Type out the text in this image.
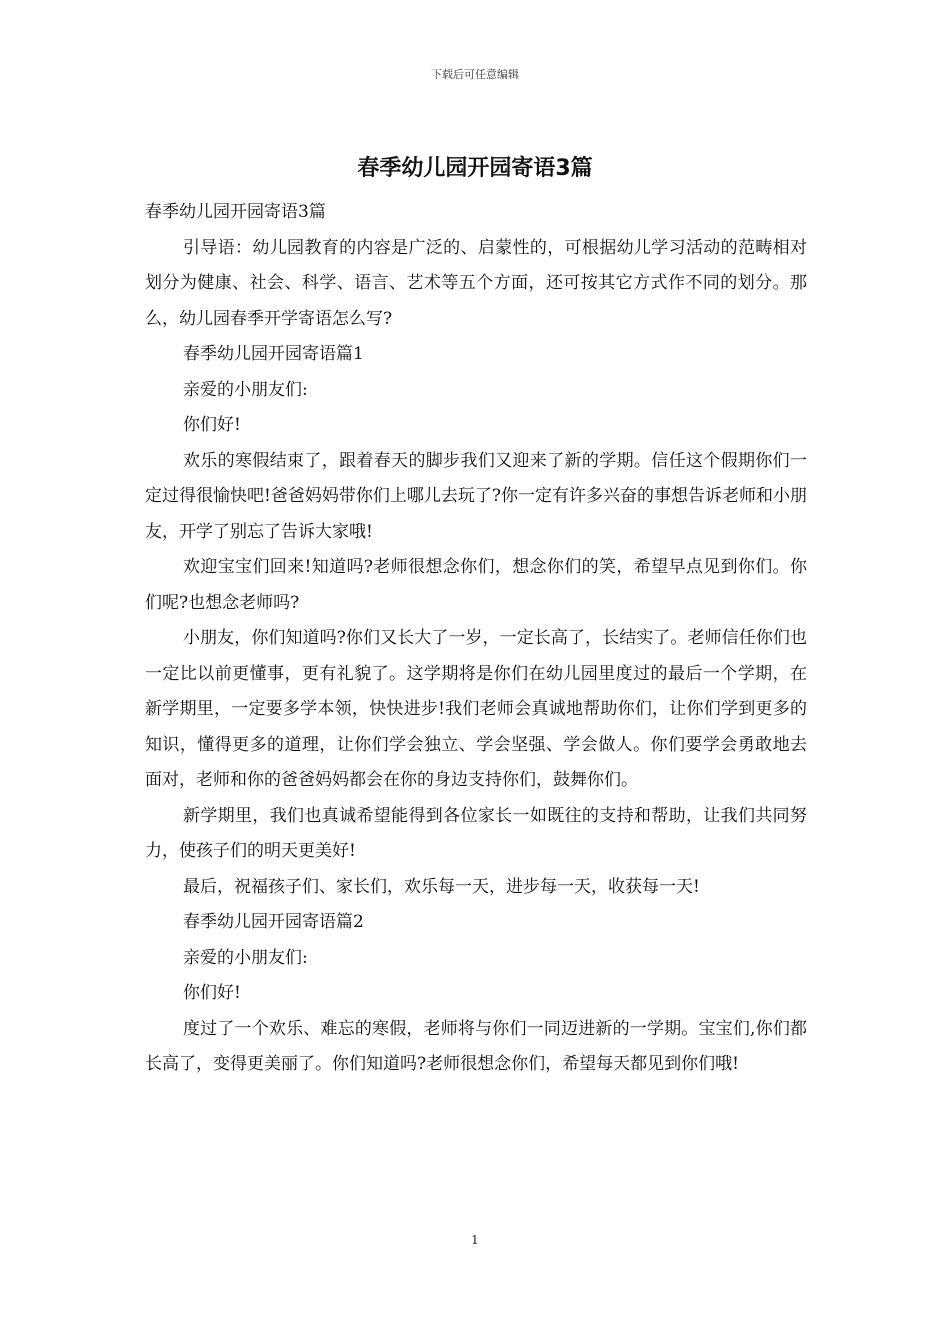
下载后可任意编辑
春季幼儿园开园寄语3篇

春季幼儿园开园寄语3篇

引导语：幼儿园教育的内容是广泛的、启蒙性的，可根据幼儿学习活动的范畴相对划分为健康、社会、科学、语言、艺术等五个方面，还可按其它方式作不同的划分。那么，幼儿园春季开学寄语怎么写?

春季幼儿园开园寄语篇1

亲爱的小朋友们:

你们好!

欢乐的寒假结束了，跟着春天的脚步我们又迎来了新的学期。信任这个假期你们一定过得很愉快吧!爸爸妈妈带你们上哪儿去玩了?你一定有许多兴奋的事想告诉老师和小朋友，开学了别忘了告诉大家哦!

欢迎宝宝们回来!知道吗?老师很想念你们，想念你们的笑，希望早点见到你们。你们呢?也想念老师吗?

小朋友，你们知道吗?你们又长大了一岁，一定长高了，长结实了。老师信任你们也一定比以前更懂事，更有礼貌了。这学期将是你们在幼儿园里度过的最后一个学期，在新学期里，一定要多学本领，快快进步!我们老师会真诚地帮助你们，让你们学到更多的知识，懂得更多的道理，让你们学会独立、学会坚强、学会做人。你们要学会勇敢地去面对，老师和你的爸爸妈妈都会在你的身边支持你们，鼓舞你们。

新学期里，我们也真诚希望能得到各位家长一如既往的支持和帮助，让我们共同努力，使孩子们的明天更美好!

最后，祝福孩子们、家长们，欢乐每一天，进步每一天，收获每一天!

春季幼儿园开园寄语篇2

亲爱的小朋友们:

你们好!

度过了一个欢乐、难忘的寒假，老师将与你们一同迈进新的一学期。宝宝们,你们都长高了，变得更美丽了。你们知道吗?老师很想念你们，希望每天都见到你们哦!

1
